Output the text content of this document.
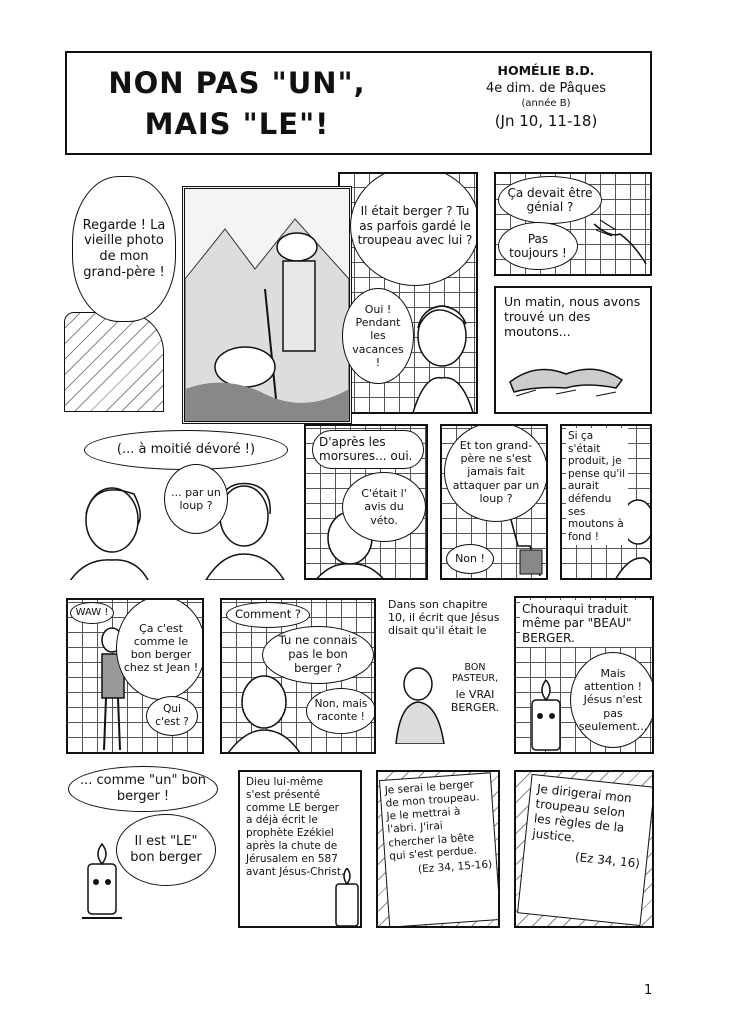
NON PAS "UN",
MAIS "LE"!
HOMÉLIE B.D.
4e dim. de Pâques
(année B)
(Jn 10, 11-18)
Regarde ! La vieille photo de mon grand-père !
Il était berger ? Tu as parfois gardé le troupeau avec lui ?
Oui ! Pendant les vacances !
Ça devait être génial ?
Pas toujours !
Un matin, nous avons trouvé un des moutons...
(... à moitié dévoré !)
... par un loup ?
D'après les morsures... oui.
C'était l' avis du véto.
Et ton grand-père ne s'est jamais fait attaquer par un loup ?
Non !
Si ça s'était produit, je pense qu'il aurait défendu ses moutons à fond !
WAW !
Ça c'est comme le bon berger chez st Jean !
Qui c'est ?
Comment ?
Tu ne connais pas le bon berger ?
Non, mais raconte !
Dans son chapitre 10, il écrit que Jésus disait qu'il était le
BON PASTEUR,
le VRAI BERGER.
Chouraqui traduit même par "BEAU" BERGER.
Mais attention ! Jésus n'est pas seulement...
... comme "un" bon berger !
Il est "LE" bon berger
Dieu lui-même s'est présenté comme LE berger a déjà écrit le prophète Ezékiel après la chute de Jérusalem en 587 avant Jésus-Christ.
Je serai le berger de mon troupeau. Je le mettrai à l'abri. J'irai chercher la bête qui s'est perdue.
(Ez 34, 15-16)
Je dirigerai mon troupeau selon les règles de la justice.
(Ez 34, 16)
1
